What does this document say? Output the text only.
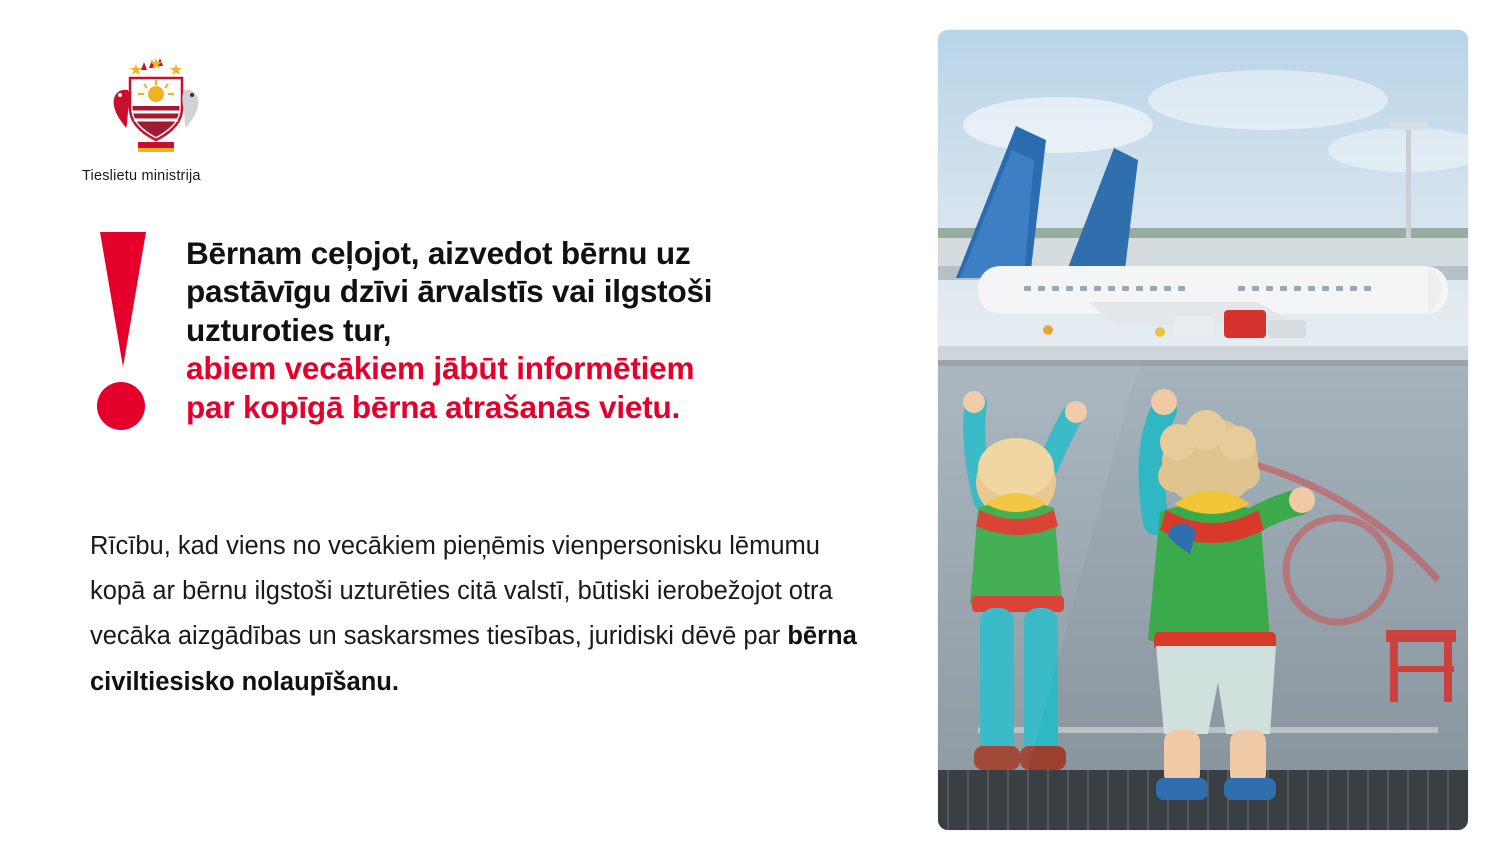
Tieslietu ministrija
Bērnam ceļojot, aizvedot bērnu uz
pastāvīgu dzīvi ārvalstīs vai ilgstoši
uzturoties tur,
abiem vecākiem jābūt informētiem
par kopīgā bērna atrašanās vietu.

Rīcību, kad viens no vecākiem pieņēmis vienpersonisku lēmumu kopā ar bērnu ilgstoši uzturēties citā valstī, būtiski ierobežojot otra vecāka aizgādības un saskarsmes tiesības, juridiski dēvē par bērna civiltiesisko nolaupīšanu.
